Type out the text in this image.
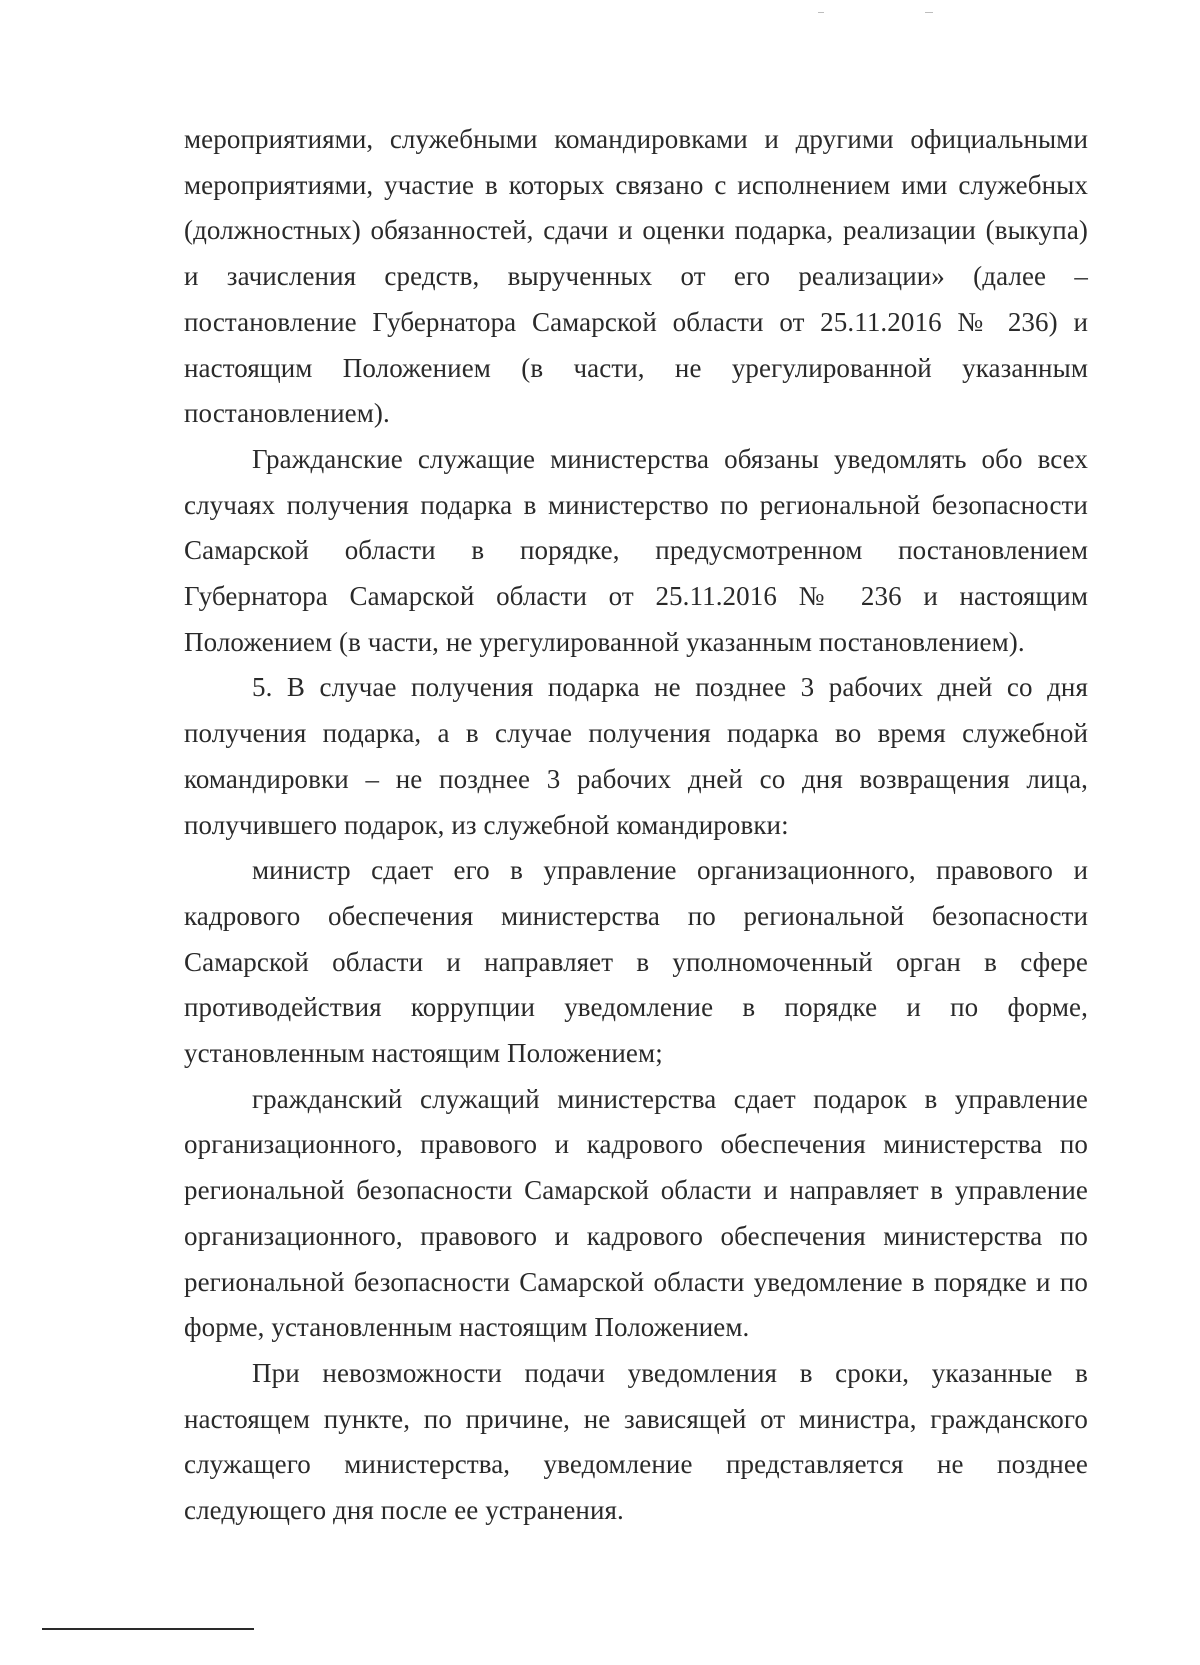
мероприятиями, служебными командировками и другими официальными мероприятиями, участие в которых связано с исполнением ими служебных (должностных) обязанностей, сдачи и оценки подарка, реализации (выкупа) и зачисления средств, вырученных от его реализации» (далее – постановление Губернатора Самарской области от 25.11.2016 № 236) и настоящим Положением (в части, не урегулированной указанным постановлением).

Гражданские служащие министерства обязаны уведомлять обо всех случаях получения подарка в министерство по региональной безопасности Самарской области в порядке, предусмотренном постановлением Губернатора Самарской области от 25.11.2016 № 236 и настоящим Положением (в части, не урегулированной указанным постановлением).

5. В случае получения подарка не позднее 3 рабочих дней со дня получения подарка, а в случае получения подарка во время служебной командировки – не позднее 3 рабочих дней со дня возвращения лица, получившего подарок, из служебной командировки:

министр сдает его в управление организационного, правового и кадрового обеспечения министерства по региональной безопасности Самарской области и направляет в уполномоченный орган в сфере противодействия коррупции уведомление в порядке и по форме, установленным настоящим Положением;

гражданский служащий министерства сдает подарок в управление организационного, правового и кадрового обеспечения министерства по региональной безопасности Самарской области и направляет в управление организационного, правового и кадрового обеспечения министерства по региональной безопасности Самарской области уведомление в порядке и по форме, установленным настоящим Положением.

При невозможности подачи уведомления в сроки, указанные в настоящем пункте, по причине, не зависящей от министра, гражданского служащего министерства, уведомление представляется не позднее следующего дня после ее устранения.
